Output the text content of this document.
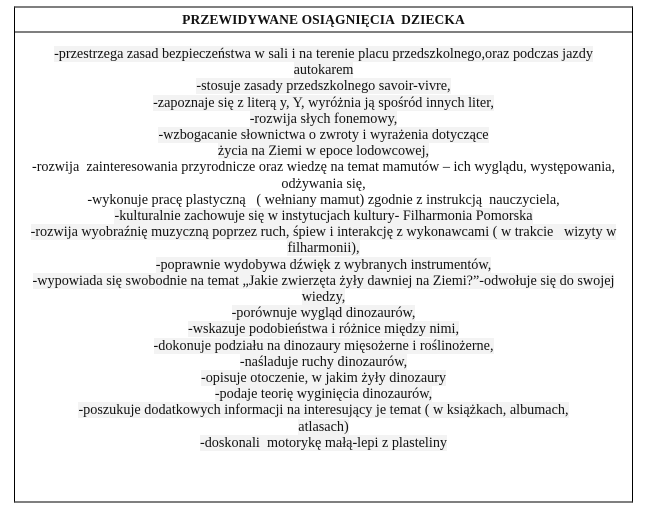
PRZEWIDYWANE OSIĄGNIĘCIA  DZIECKA
-przestrzega zasad bezpieczeństwa w sali i na terenie placu przedszkolnego,oraz podczas jazdy
autokarem
-stosuje zasady przedszkolnego savoir-vivre,
-zapoznaje się z literą y, Y, wyróżnia ją spośród innych liter,
-rozwija słych fonemowy,
-wzbogacanie słownictwa o zwroty i wyrażenia dotyczące
życia na Ziemi w epoce lodowcowej,
-rozwija  zainteresowania przyrodnicze oraz wiedzę na temat mamutów – ich wyglądu, występowania,
odżywania się,
-wykonuje pracę plastyczną   ( wełniany mamut) zgodnie z instrukcją  nauczyciela,
-kulturalnie zachowuje się w instytucjach kultury- Filharmonia Pomorska
-rozwija wyobraźnię muzyczną poprzez ruch, śpiew i interakcję z wykonawcami ( w trakcie   wizyty w
filharmonii),
-poprawnie wydobywa dźwięk z wybranych instrumentów,
-wypowiada się swobodnie na temat „Jakie zwierzęta żyły dawniej na Ziemi?”-odwołuje się do swojej
wiedzy,
-porównuje wygląd dinozaurów,
-wskazuje podobieństwa i różnice między nimi,
-dokonuje podziału na dinozaury mięsożerne i roślinożerne,
-naśladuje ruchy dinozaurów,
-opisuje otoczenie, w jakim żyły dinozaury
-podaje teorię wyginięcia dinozaurów,
-poszukuje dodatkowych informacji na interesujący je temat ( w książkach, albumach,
atlasach)
-doskonali  motorykę małą-lepi z plasteliny
